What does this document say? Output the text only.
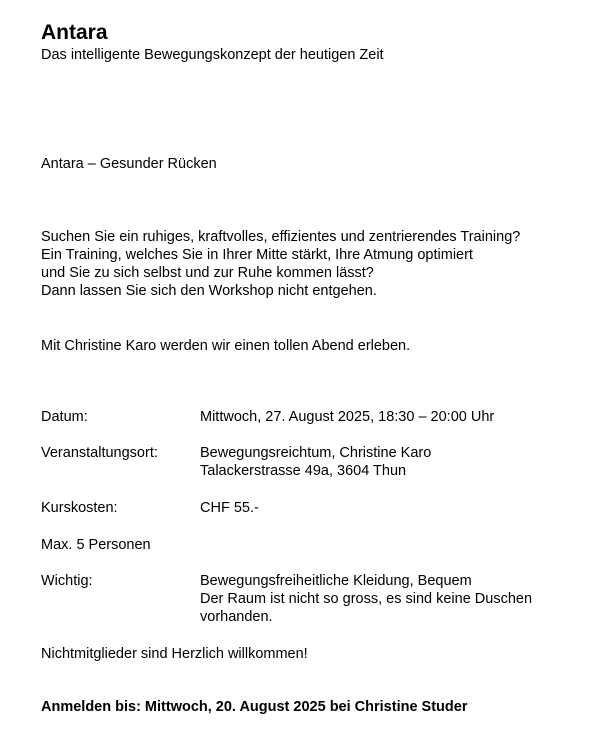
Antara
Das intelligente Bewegungskonzept der heutigen Zeit
Antara – Gesunder Rücken
Suchen Sie ein ruhiges, kraftvolles, effizientes und zentrierendes Training?
Ein Training, welches Sie in Ihrer Mitte stärkt, Ihre Atmung optimiert
und Sie zu sich selbst und zur Ruhe kommen lässt?
Dann lassen Sie sich den Workshop nicht entgehen.
Mit Christine Karo werden wir einen tollen Abend erleben.
Datum:	Mittwoch, 27. August 2025, 18:30 – 20:00 Uhr
Veranstaltungsort:	Bewegungsreichtum, Christine Karo
Talackerstrasse 49a, 3604 Thun
Kurskosten:	CHF 55.-
Max. 5 Personen
Wichtig:	Bewegungsfreiheitliche Kleidung, Bequem
Der Raum ist nicht so gross, es sind keine Duschen
vorhanden.
Nichtmitglieder sind Herzlich willkommen!
Anmelden bis: Mittwoch, 20. August 2025 bei Christine Studer
